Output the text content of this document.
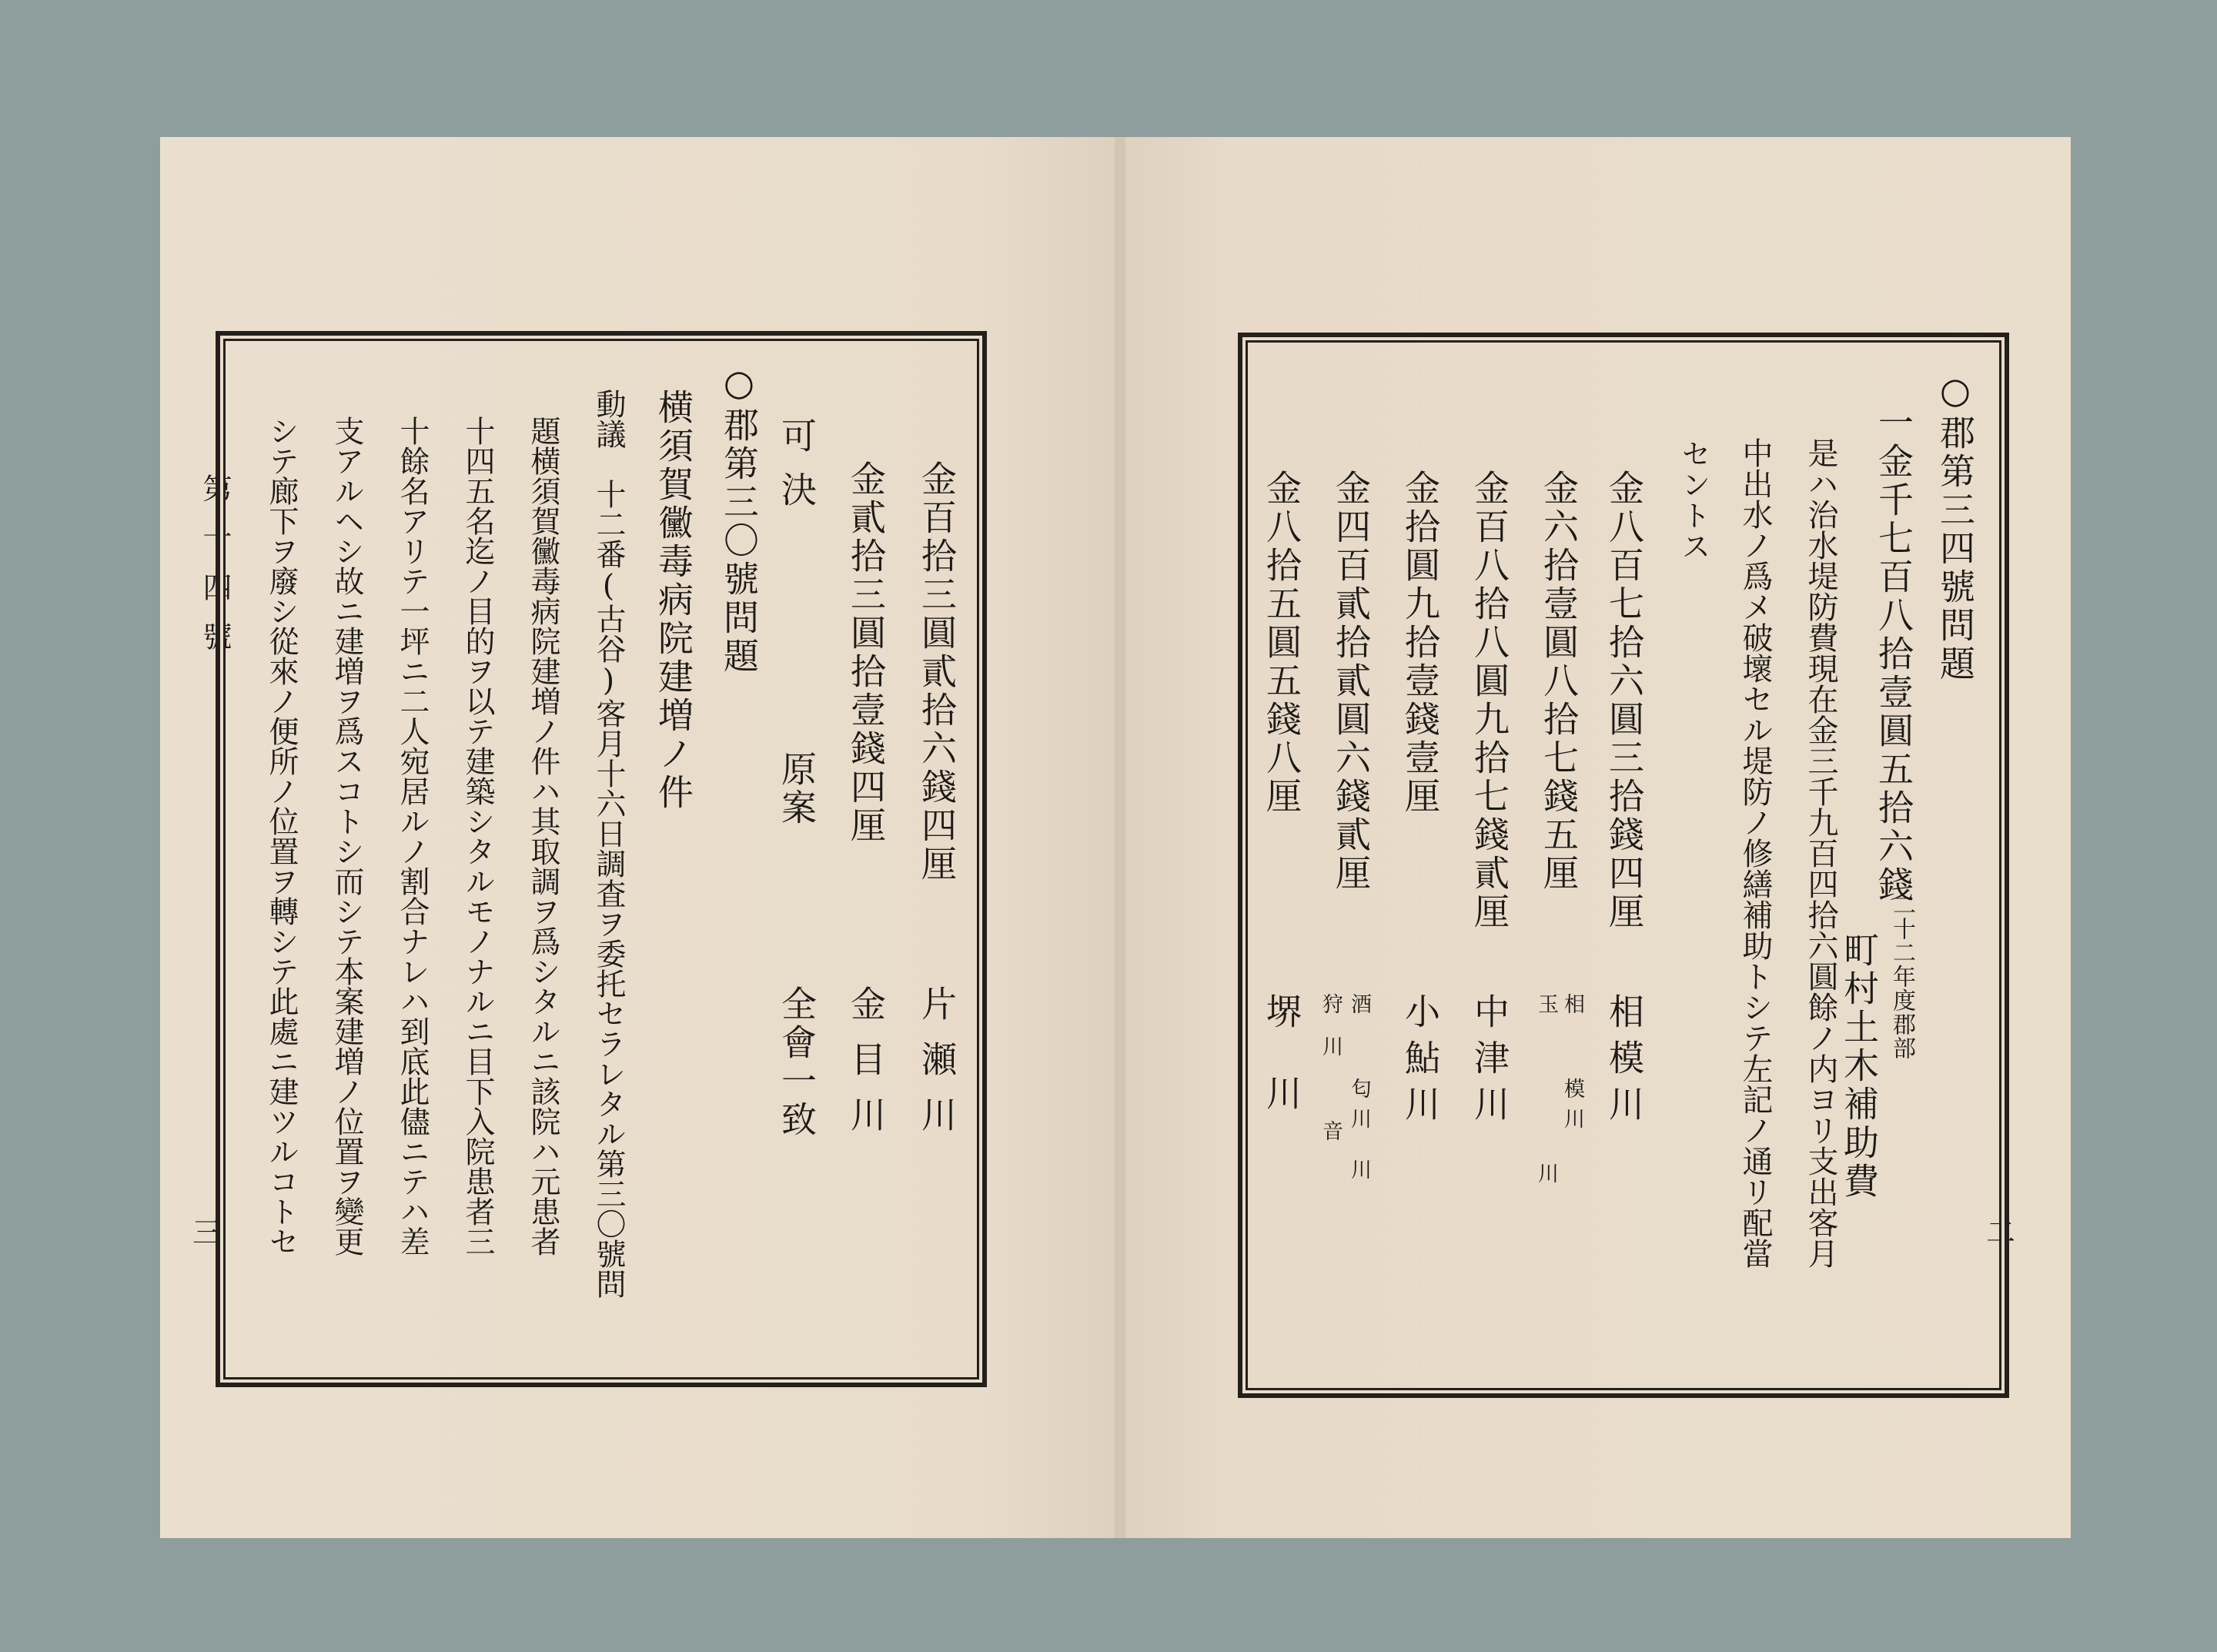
第十四號
三
金百拾三圓貳拾六錢四厘
片瀬川
金貳拾三圓拾壹錢四厘
金目川
可決
原案
全會一致
○郡第三〇號問題
横須賀黴毒病院建増ノ件
動議　十二番(古谷)客月十六日調査ヲ委托セラレタル第三〇號問
題横須賀黴毒病院建増ノ件ハ其取調ヲ爲シタルニ該院ハ元患者
十四五名迄ノ目的ヲ以テ建築シタルモノナルニ目下入院患者三
十餘名アリテ一坪ニ二人宛居ルノ割合ナレハ到底此儘ニテハ差
支アルヘシ故ニ建増ヲ爲スコトシ而シテ本案建増ノ位置ヲ變更
シテ廊下ヲ廢シ從來ノ便所ノ位置ヲ轉シテ此處ニ建ツルコトセ	二
○郡第三四號問題
一金千七百八拾壹圓五拾六錢
二十二年度郡部
町村土木補助費
是ハ治水堤防費現在金三千九百四拾六圓餘ノ内ヨリ支出客月
中出水ノ爲メ破壞セル堤防ノ修繕補助トシテ左記ノ通リ配當
セントス
金八百七拾六圓三拾錢四厘
相模川
金六拾壹圓八拾七錢五厘
相
模川
玉
川
金百八拾八圓九拾七錢貳厘
中津川
金拾圓九拾壹錢壹厘
小鮎川
金四百貳拾貳圓六錢貳厘
酒
匂川
川
狩
川
音
金八拾五圓五錢八厘
堺川
